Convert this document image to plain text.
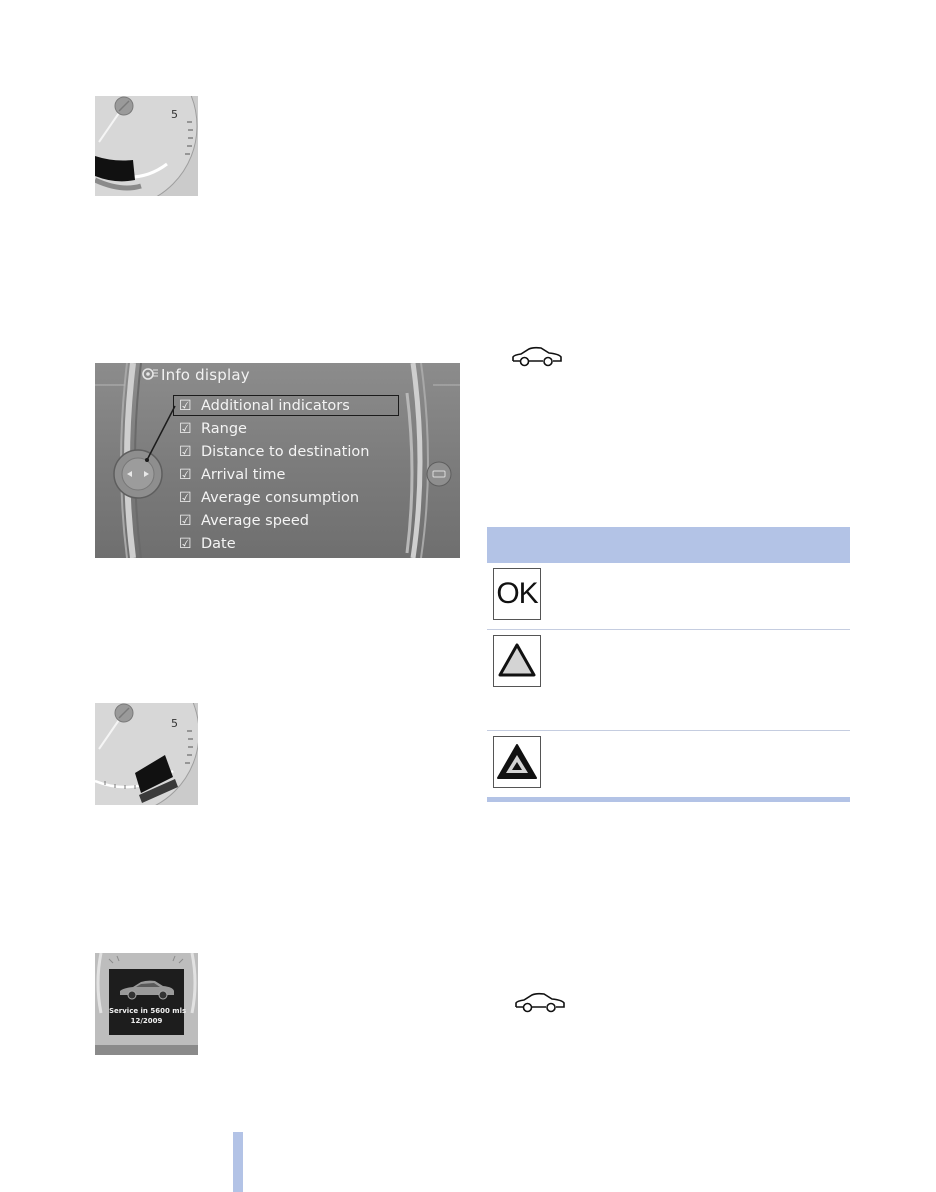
5
Info display
☑ Additional indicators
☑ Range
☑ Distance to destination
☑ Arrival time
☑ Average consumption
☑ Average speed
☑ Date
OK
5
Service in 5600 mls
12/2009
